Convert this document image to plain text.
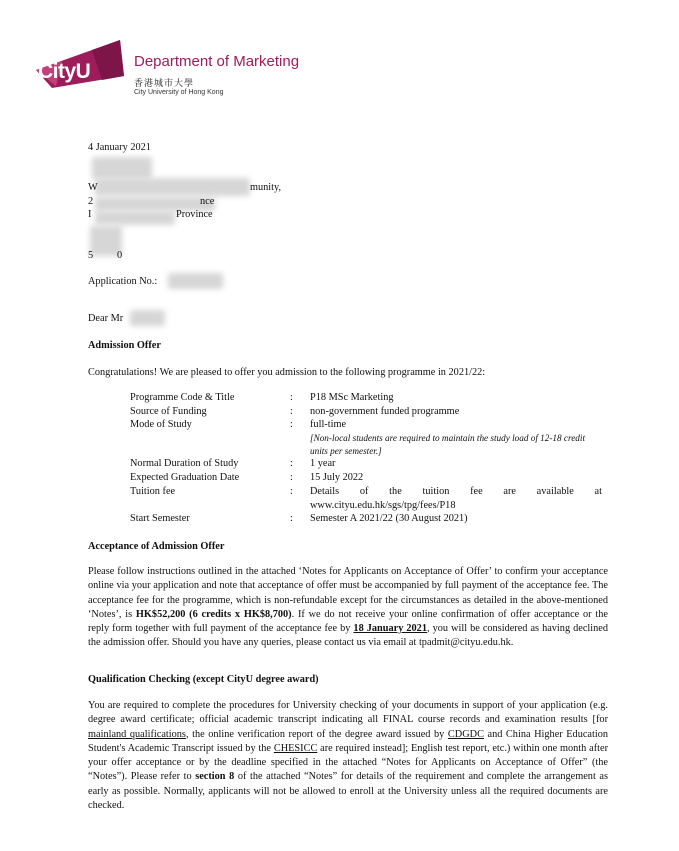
CityU	Department of Marketing
香港城市大學
City University of Hong Kong
4 January 2021
W	munity,
2	nce
I	Province
5 0
Application No.:
Dear Mr
Admission Offer
Congratulations! We are pleased to offer you admission to the following programme in 2021/22:
Programme Code & Title	: P18 MSc Marketing
Source of Funding	: non-government funded programme
Mode of Study	: full-time
[Non-local students are required to maintain the study load of 12-18 credit units per semester.]
Normal Duration of Study	: 1 year
Expected Graduation Date	: 15 July 2022
Tuition fee	: Details of the tuition fee are available at www.cityu.edu.hk/sgs/tpg/fees/P18
Start Semester	: Semester A 2021/22 (30 August 2021)
Acceptance of Admission Offer
Please follow instructions outlined in the attached ‘Notes for Applicants on Acceptance of Offer’ to confirm your acceptance online via your application and note that acceptance of offer must be accompanied by full payment of the acceptance fee. The acceptance fee for the programme, which is non-refundable except for the circumstances as detailed in the above-mentioned ‘Notes’, is HK$52,200 (6 credits x HK$8,700). If we do not receive your online confirmation of offer acceptance or the reply form together with full payment of the acceptance fee by 18 January 2021, you will be considered as having declined the admission offer. Should you have any queries, please contact us via email at tpadmit@cityu.edu.hk.
Qualification Checking (except CityU degree award)
You are required to complete the procedures for University checking of your documents in support of your application (e.g. degree award certificate; official academic transcript indicating all FINAL course records and examination results [for mainland qualifications, the online verification report of the degree award issued by CDGDC and China Higher Education Student's Academic Transcript issued by the CHESICC are required instead]; English test report, etc.) within one month after your offer acceptance or by the deadline specified in the attached “Notes for Applicants on Acceptance of Offer” (the “Notes”). Please refer to section 8 of the attached “Notes” for details of the requirement and complete the arrangement as early as possible. Normally, applicants will not be allowed to enroll at the University unless all the required documents are checked.
